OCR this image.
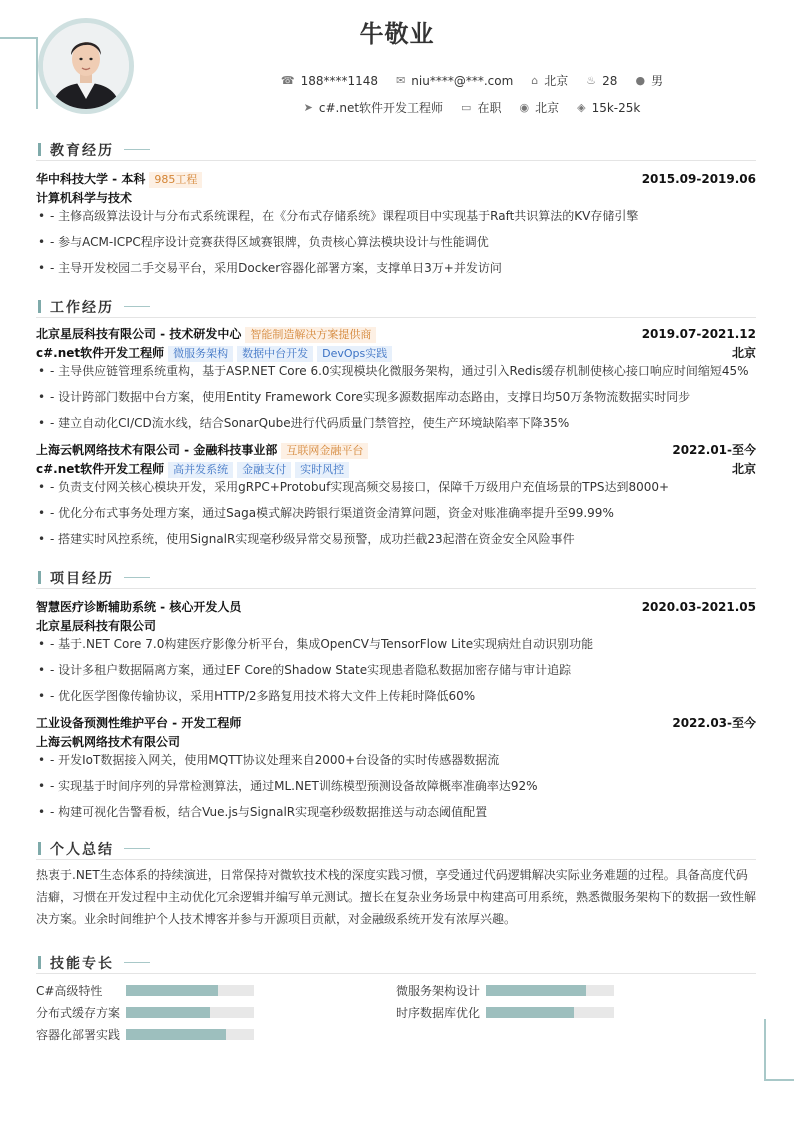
牛敬业
☎ 188****1148 ✉ niu****@***.com ⌂ 北京 ♨ 28 ● 男
➤ c#.net软件开发工程师 ▭ 在职 ◉ 北京 ◈ 15k-25k
教育经历
华中科技大学 - 本科 985工程	2015.09-2019.06
计算机科学与技术
• - 主修高级算法设计与分布式系统课程，在《分布式存储系统》课程项目中实现基于Raft共识算法的KV存储引擎
• - 参与ACM-ICPC程序设计竞赛获得区域赛银牌，负责核心算法模块设计与性能调优
• - 主导开发校园二手交易平台，采用Docker容器化部署方案，支撑单日3万+并发访问
工作经历
北京星辰科技有限公司 - 技术研发中心 智能制造解决方案提供商	2019.07-2021.12
c#.net软件开发工程师 微服务架构 数据中台开发 DevOps实践	北京
• - 主导供应链管理系统重构，基于ASP.NET Core 6.0实现模块化微服务架构，通过引入Redis缓存机制使核心接口响应时间缩短45%
• - 设计跨部门数据中台方案，使用Entity Framework Core实现多源数据库动态路由，支撑日均50万条物流数据实时同步
• - 建立自动化CI/CD流水线，结合SonarQube进行代码质量门禁管控，使生产环境缺陷率下降35%
上海云帆网络技术有限公司 - 金融科技事业部 互联网金融平台	2022.01-至今
c#.net软件开发工程师 高并发系统 金融支付 实时风控	北京
• - 负责支付网关核心模块开发，采用gRPC+Protobuf实现高频交易接口，保障千万级用户充值场景的TPS达到8000+
• - 优化分布式事务处理方案，通过Saga模式解决跨银行渠道资金清算问题，资金对账准确率提升至99.99%
• - 搭建实时风控系统，使用SignalR实现毫秒级异常交易预警，成功拦截23起潜在资金安全风险事件
项目经历
智慧医疗诊断辅助系统 - 核心开发人员	2020.03-2021.05
北京星辰科技有限公司
• - 基于.NET Core 7.0构建医疗影像分析平台，集成OpenCV与TensorFlow Lite实现病灶自动识别功能
• - 设计多租户数据隔离方案，通过EF Core的Shadow State实现患者隐私数据加密存储与审计追踪
• - 优化医学图像传输协议，采用HTTP/2多路复用技术将大文件上传耗时降低60%
工业设备预测性维护平台 - 开发工程师	2022.03-至今
上海云帆网络技术有限公司
• - 开发IoT数据接入网关，使用MQTT协议处理来自2000+台设备的实时传感器数据流
• - 实现基于时间序列的异常检测算法，通过ML.NET训练模型预测设备故障概率准确率达92%
• - 构建可视化告警看板，结合Vue.js与SignalR实现毫秒级数据推送与动态阈值配置
个人总结
热衷于.NET生态体系的持续演进，日常保持对微软技术栈的深度实践习惯，享受通过代码逻辑解决实际业务难题的过程。具备高度代码洁癖，习惯在开发过程中主动优化冗余逻辑并编写单元测试。擅长在复杂业务场景中构建高可用系统，熟悉微服务架构下的数据一致性解决方案。业余时间维护个人技术博客并参与开源项目贡献，对金融级系统开发有浓厚兴趣。
技能专长
C#高级特性	微服务架构设计
分布式缓存方案	时序数据库优化
容器化部署实践
